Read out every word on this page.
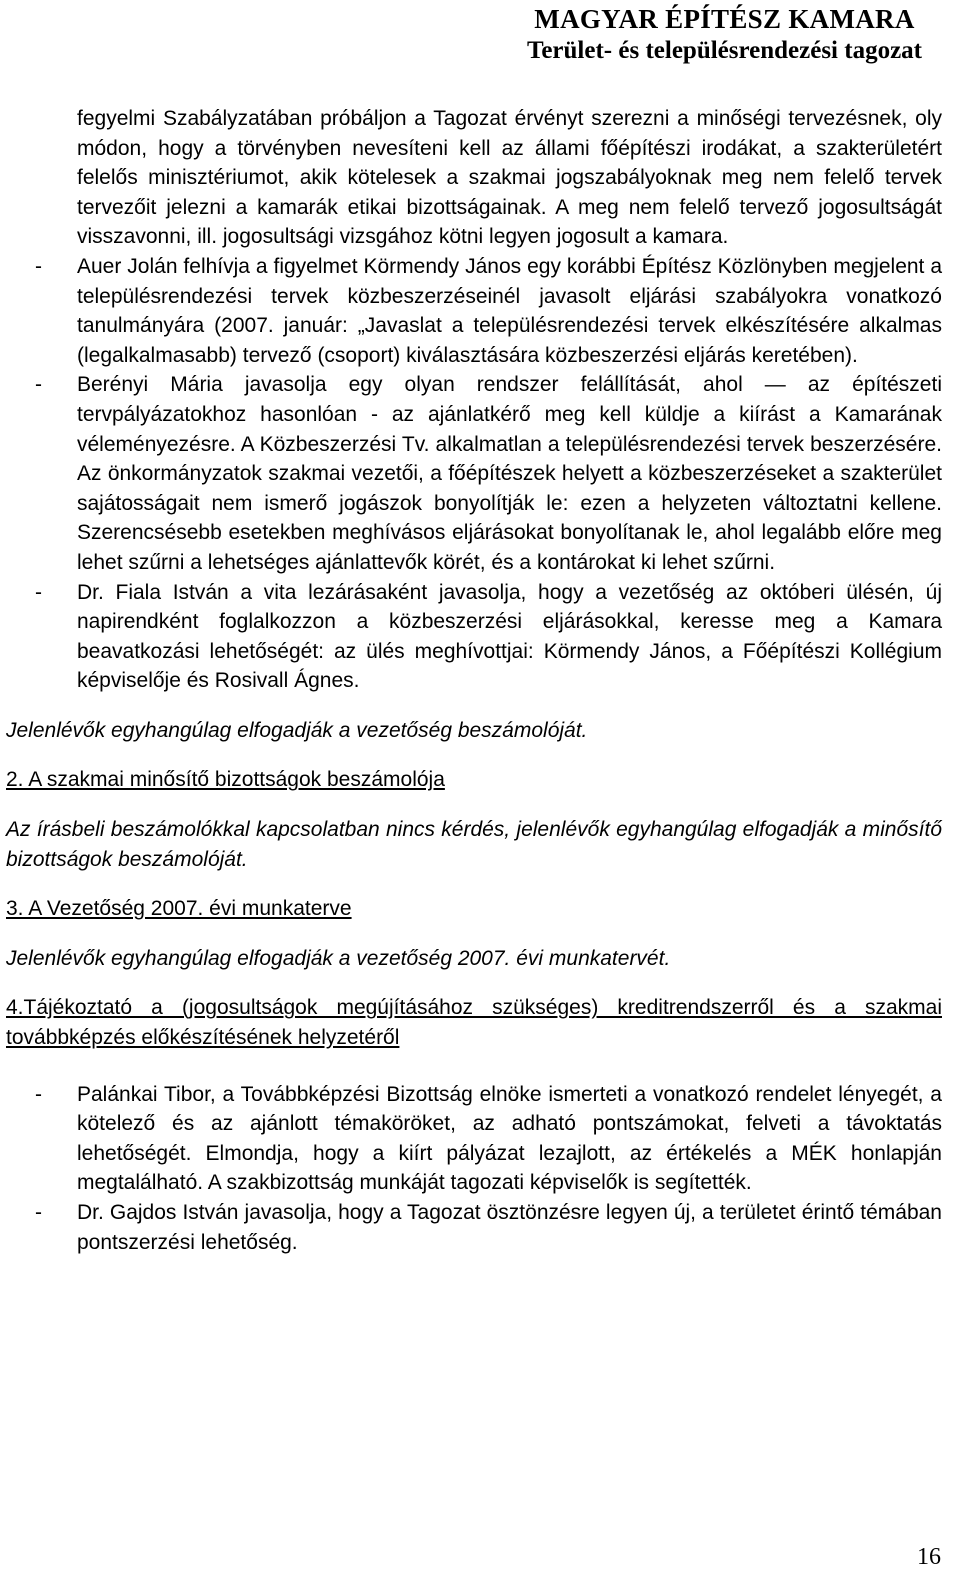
MAGYAR ÉPÍTÉSZ KAMARA
Terület- és településrendezési tagozat

fegyelmi Szabályzatában próbáljon a Tagozat érvényt szerezni a minőségi tervezésnek, oly módon, hogy a törvényben nevesíteni kell az állami főépítészi irodákat, a szakterületért felelős minisztériumot, akik kötelesek a szakmai jogszabályoknak meg nem felelő tervek tervezőit jelezni a kamarák etikai bizottságainak. A meg nem felelő tervező jogosultságát visszavonni, ill. jogosultsági vizsgához kötni legyen jogosult a kamara.

- Auer Jolán felhívja a figyelmet Körmendy János egy korábbi Építész Közlönyben megjelent a településrendezési tervek közbeszerzéseinél javasolt eljárási szabályokra vonatkozó tanulmányára (2007. január: „Javaslat a településrendezési tervek elkészítésére alkalmas (legalkalmasabb) tervező (csoport) kiválasztására közbeszerzési eljárás keretében).
- Berényi Mária javasolja egy olyan rendszer felállítását, ahol — az építészeti tervpályázatokhoz hasonlóan - az ajánlatkérő meg kell küldje a kiírást a Kamarának véleményezésre. A Közbeszerzési Tv. alkalmatlan a településrendezési tervek beszerzésére. Az önkormányzatok szakmai vezetői, a főépítészek helyett a közbeszerzéseket a szakterület sajátosságait nem ismerő jogászok bonyolítják le: ezen a helyzeten változtatni kellene. Szerencsésebb esetekben meghívásos eljárásokat bonyolítanak le, ahol legalább előre meg lehet szűrni a lehetséges ajánlattevők körét, és a kontárokat ki lehet szűrni.
- Dr. Fiala István a vita lezárásaként javasolja, hogy a vezetőség az októberi ülésén, új napirendként foglalkozzon a közbeszerzési eljárásokkal, keresse meg a Kamara beavatkozási lehetőségét: az ülés meghívottjai: Körmendy János, a Főépítészi Kollégium képviselője és Rosivall Ágnes.

Jelenlévők egyhangúlag elfogadják a vezetőség beszámolóját.

2. A szakmai minősítő bizottságok beszámolója

Az írásbeli beszámolókkal kapcsolatban nincs kérdés, jelenlévők egyhangúlag elfogadják a minősítő bizottságok beszámolóját.

3. A Vezetőség 2007. évi munkaterve

Jelenlévők egyhangúlag elfogadják a vezetőség 2007. évi munkatervét.

4.Tájékoztató a (jogosultságok megújításához szükséges) kreditrendszerről és a szakmai továbbképzés előkészítésének helyzetéről

- Palánkai Tibor, a Továbbképzési Bizottság elnöke ismerteti a vonatkozó rendelet lényegét, a kötelező és az ajánlott témaköröket, az adható pontszámokat, felveti a távoktatás lehetőségét. Elmondja, hogy a kiírt pályázat lezajlott, az értékelés a MÉK honlapján megtalálható. A szakbizottság munkáját tagozati képviselők is segítették.
- Dr. Gajdos István javasolja, hogy a Tagozat ösztönzésre legyen új, a területet érintő témában pontszerzési lehetőség.
16
